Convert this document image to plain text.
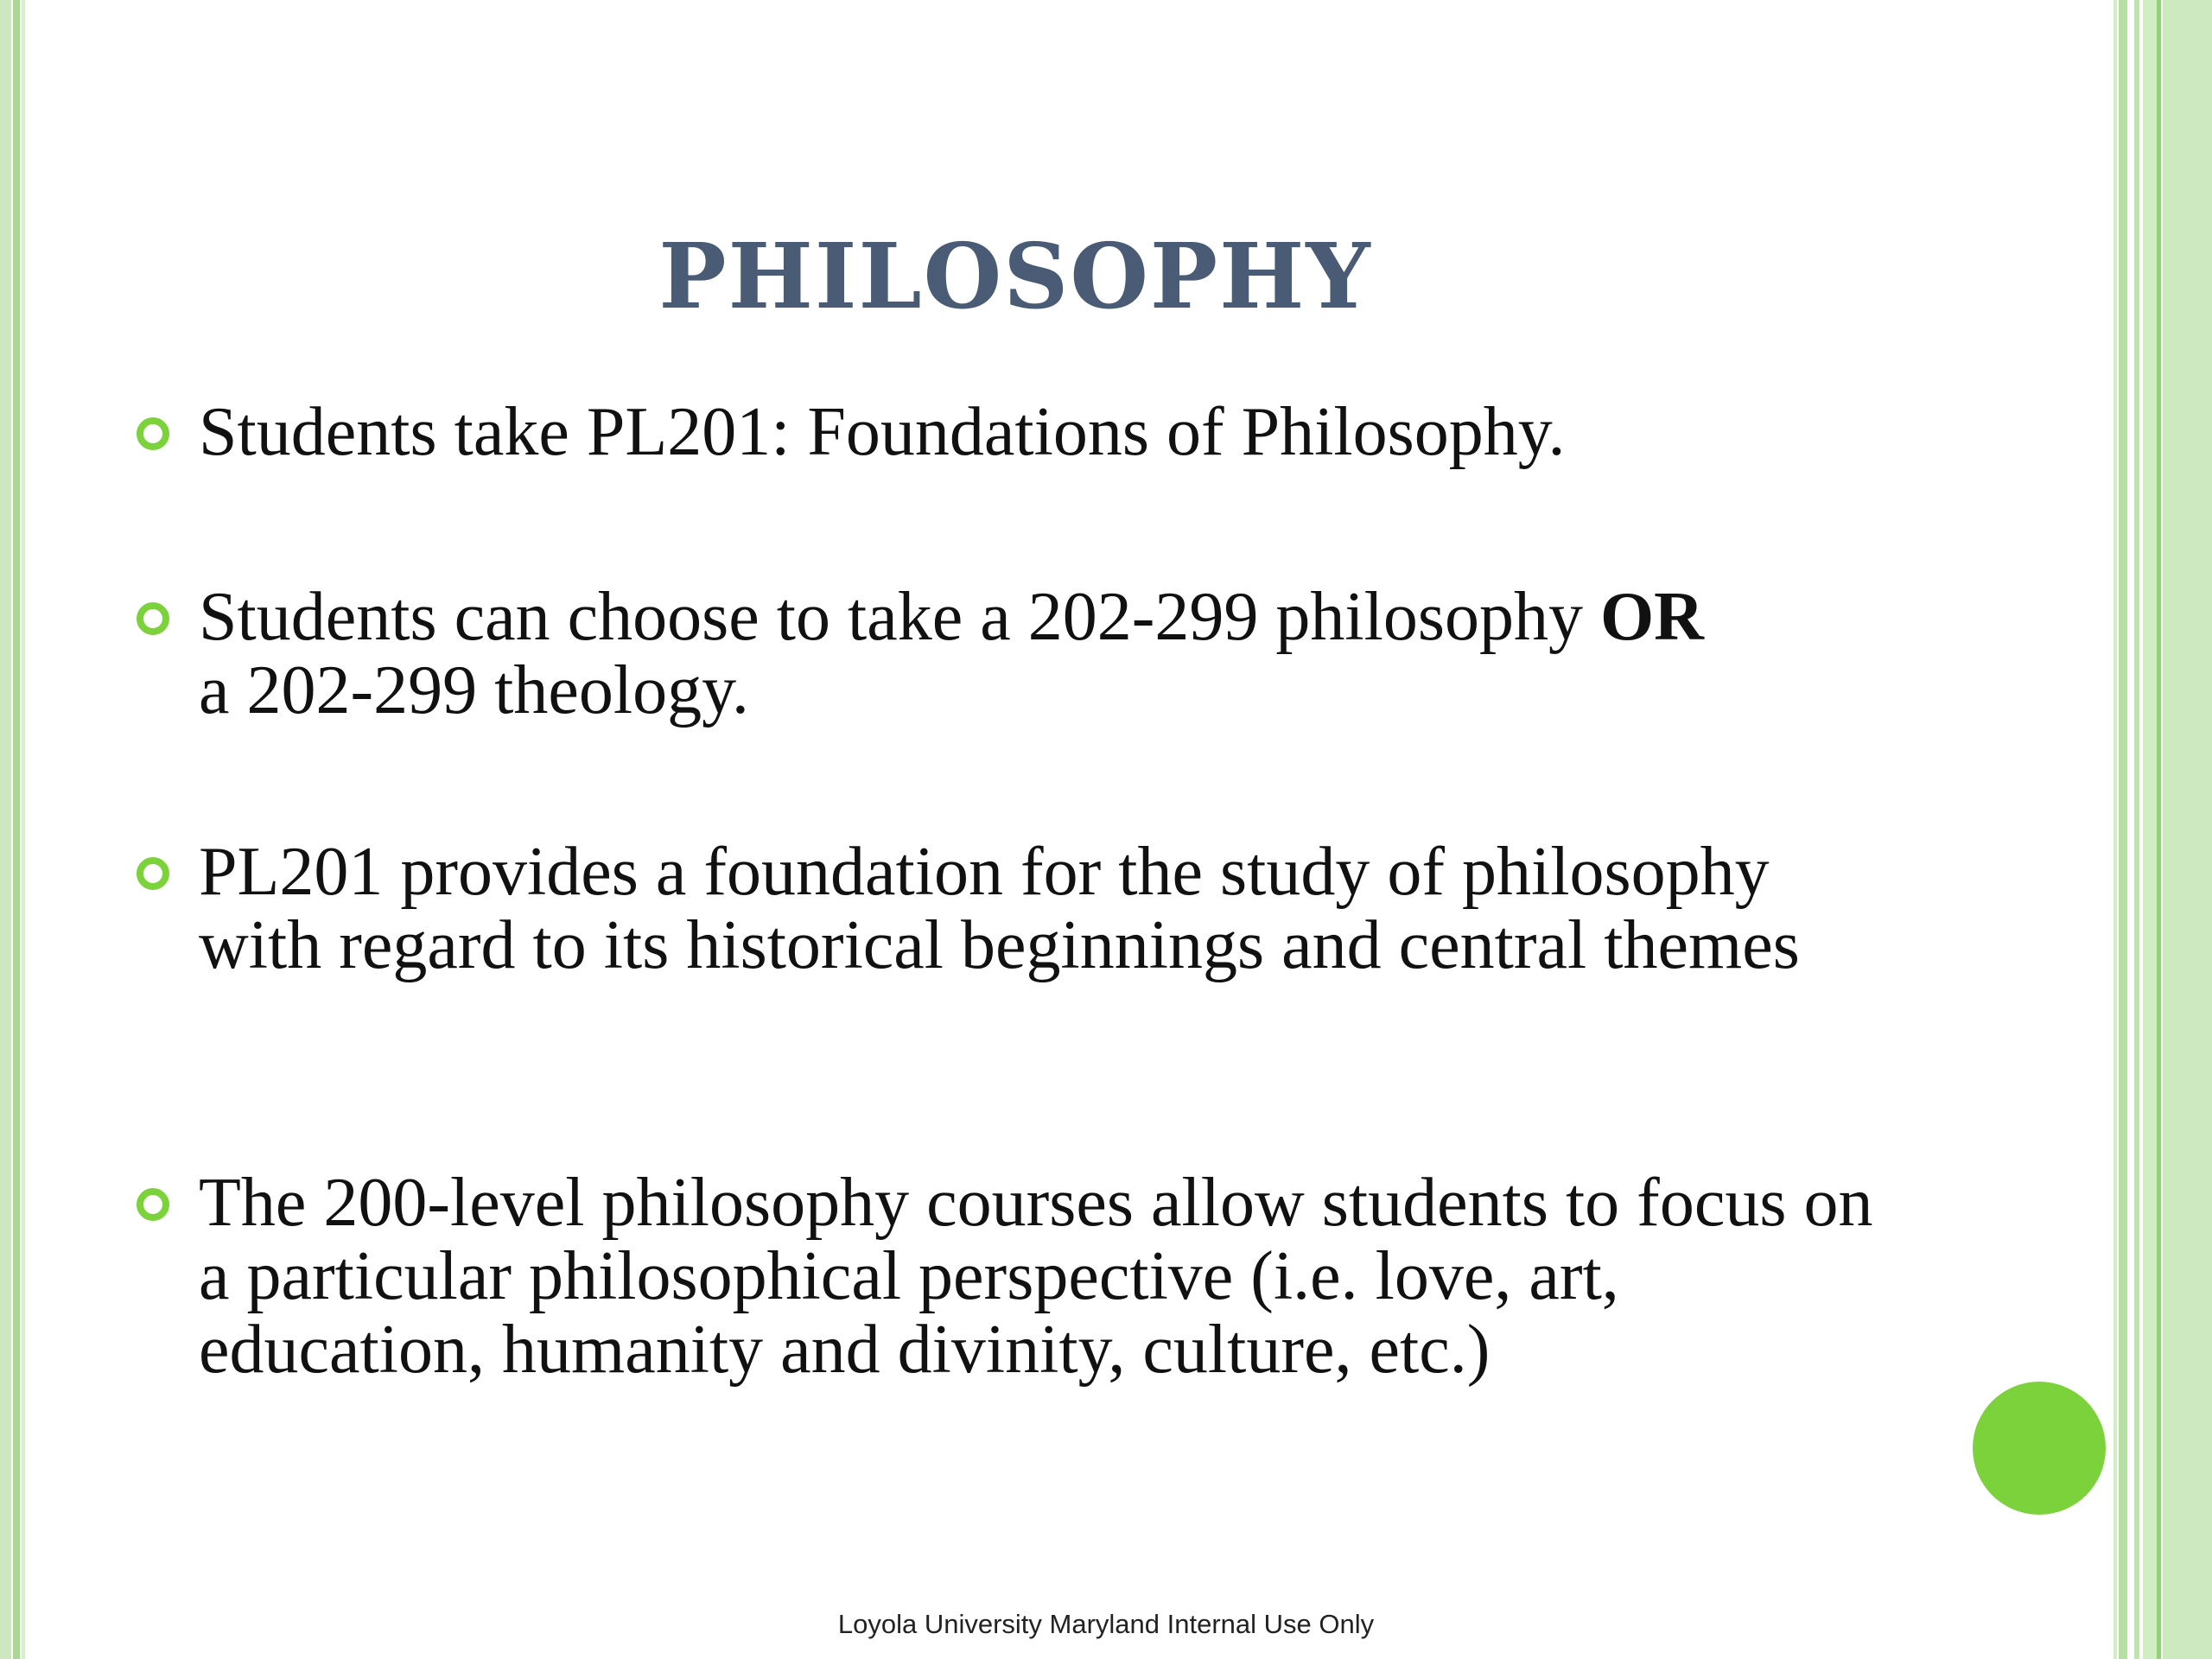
PHILOSOPHY
Students take PL201: Foundations of Philosophy.
Students can choose to take a 202-299 philosophy OR
a 202-299 theology.
PL201 provides a foundation for the study of philosophy with regard to its historical beginnings and central themes
The 200-level philosophy courses allow students to focus on a particular philosophical perspective (i.e. love, art, education, humanity and divinity, culture, etc.)
Loyola University Maryland Internal Use Only
